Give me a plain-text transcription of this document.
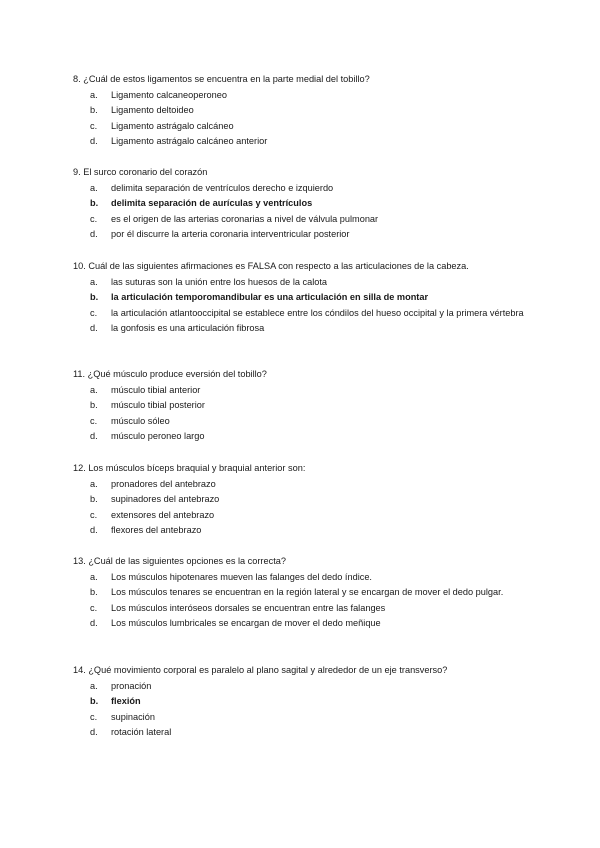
8. ¿Cuál de estos ligamentos se encuentra en la parte medial del tobillo?
a. Ligamento calcaneoperoneo
b. Ligamento deltoideo
c. Ligamento astrágalo calcáneo
d. Ligamento astrágalo calcáneo anterior
9. El surco coronario del corazón
a. delimita separación de ventrículos derecho e izquierdo
b. delimita separación de aurículas y ventrículos
c. es el origen de las arterias coronarias a nivel de válvula pulmonar
d. por él discurre la arteria coronaria interventricular posterior
10. Cuál de las siguientes afirmaciones es FALSA con respecto a las articulaciones de la cabeza.
a. las suturas son la unión entre los huesos de la calota
b. la articulación temporomandibular es una articulación en silla de montar
c. la articulación atlantooccipital se establece entre los cóndilos del hueso occipital y la primera vértebra
d. la gonfosis es una articulación fibrosa
11. ¿Qué músculo produce eversión del tobillo?
a. músculo tibial anterior
b. músculo tibial posterior
c. músculo sóleo
d. músculo peroneo largo
12. Los músculos bíceps braquial y braquial anterior son:
a. pronadores del antebrazo
b. supinadores del antebrazo
c. extensores del antebrazo
d. flexores del antebrazo
13. ¿Cuál de las siguientes opciones es la correcta?
a. Los músculos hipotenares mueven las falanges del dedo índice.
b. Los músculos tenares se encuentran en la región lateral y se encargan de mover el dedo pulgar.
c. Los músculos interóseos dorsales se encuentran entre las falanges
d. Los músculos lumbricales se encargan de mover el dedo meñique
14. ¿Qué movimiento corporal es paralelo al plano sagital y alrededor de un eje transverso?
a. pronación
b. flexión
c. supinación
d. rotación lateral
